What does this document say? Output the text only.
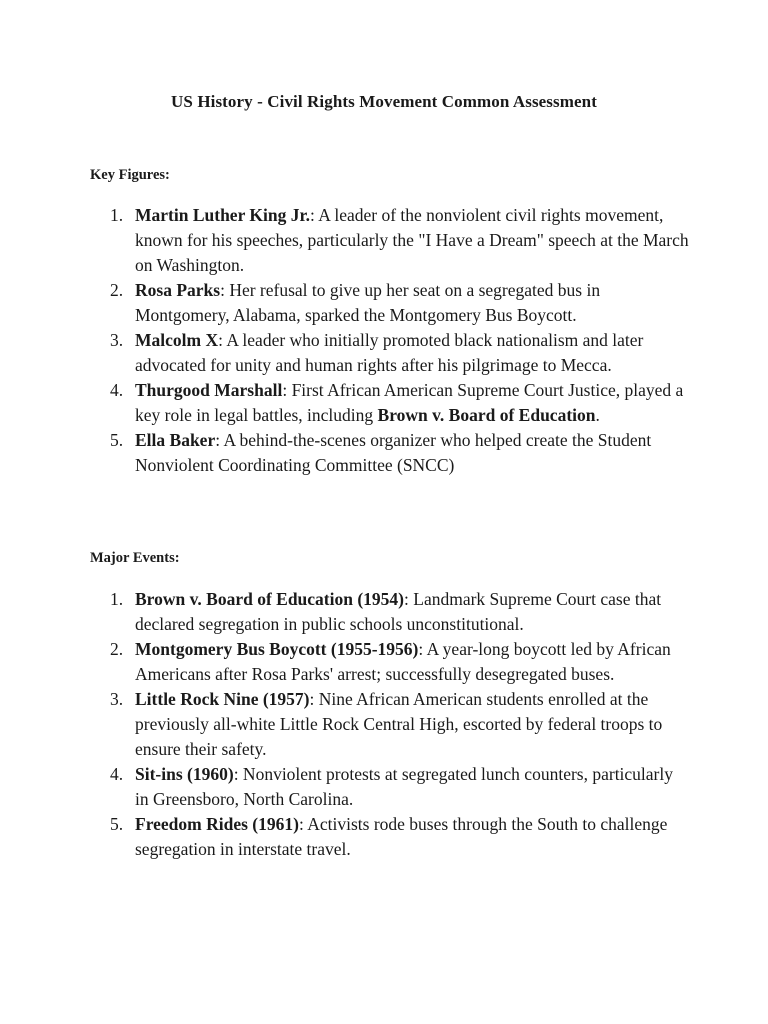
US History - Civil Rights Movement Common Assessment
Key Figures:
1. Martin Luther King Jr.: A leader of the nonviolent civil rights movement, known for his speeches, particularly the "I Have a Dream" speech at the March on Washington.
2. Rosa Parks: Her refusal to give up her seat on a segregated bus in Montgomery, Alabama, sparked the Montgomery Bus Boycott.
3. Malcolm X: A leader who initially promoted black nationalism and later advocated for unity and human rights after his pilgrimage to Mecca.
4. Thurgood Marshall: First African American Supreme Court Justice, played a key role in legal battles, including Brown v. Board of Education.
5. Ella Baker: A behind-the-scenes organizer who helped create the Student Nonviolent Coordinating Committee (SNCC)
Major Events:
1. Brown v. Board of Education (1954): Landmark Supreme Court case that declared segregation in public schools unconstitutional.
2. Montgomery Bus Boycott (1955-1956): A year-long boycott led by African Americans after Rosa Parks' arrest; successfully desegregated buses.
3. Little Rock Nine (1957): Nine African American students enrolled at the previously all-white Little Rock Central High, escorted by federal troops to ensure their safety.
4. Sit-ins (1960): Nonviolent protests at segregated lunch counters, particularly in Greensboro, North Carolina.
5. Freedom Rides (1961): Activists rode buses through the South to challenge segregation in interstate travel.
